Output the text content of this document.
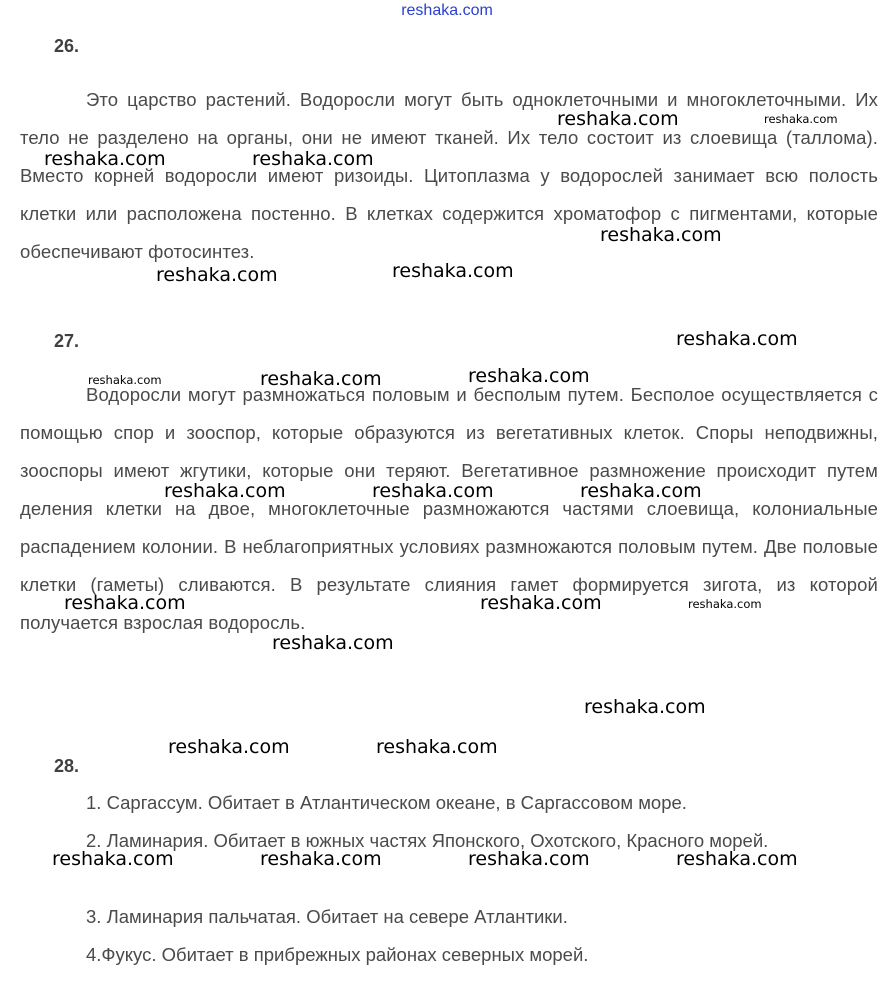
reshaka.com
26.
Это царство растений. Водоросли могут быть одноклеточными и многоклеточными. Их тело не разделено на органы, они не имеют тканей. Их тело состоит из слоевища (таллома). Вместо корней водоросли имеют ризоиды. Цитоплазма у водорослей занимает всю полость клетки или расположена постенно. В клетках содержится хроматофор с пигментами, которые обеспечивают фотосинтез.
27.
Водоросли могут размножаться половым и бесполым путем. Бесполое осуществляется с помощью спор и зооспор, которые образуются из вегетативных клеток. Споры неподвижны, зооспоры имеют жгутики, которые они теряют. Вегетативное размножение происходит путем деления клетки на двое, многоклеточные размножаются частями слоевища, колониальные распадением колонии. В неблагоприятных условиях размножаются половым путем. Две половые клетки (гаметы) сливаются. В результате слияния гамет формируется зигота, из которой получается взрослая водоросль.
28.
1. Саргассум. Обитает в Атлантическом океане, в Саргассовом море.
2. Ламинария. Обитает в южных частях Японского, Охотского, Красного морей.
3. Ламинария пальчатая. Обитает на севере Атлантики.
4.Фукус. Обитает в прибрежных районах северных морей.
reshaka.com	reshaka.com
reshaka.com	reshaka.com
reshaka.com
reshaka.com
reshaka.com
reshaka.com
reshaka.com
reshaka.com	reshaka.com
reshaka.com	reshaka.com	reshaka.com
reshaka.com	reshaka.com	reshaka.com
reshaka.com
reshaka.com
reshaka.com	reshaka.com
reshaka.com	reshaka.com	reshaka.com	reshaka.com
